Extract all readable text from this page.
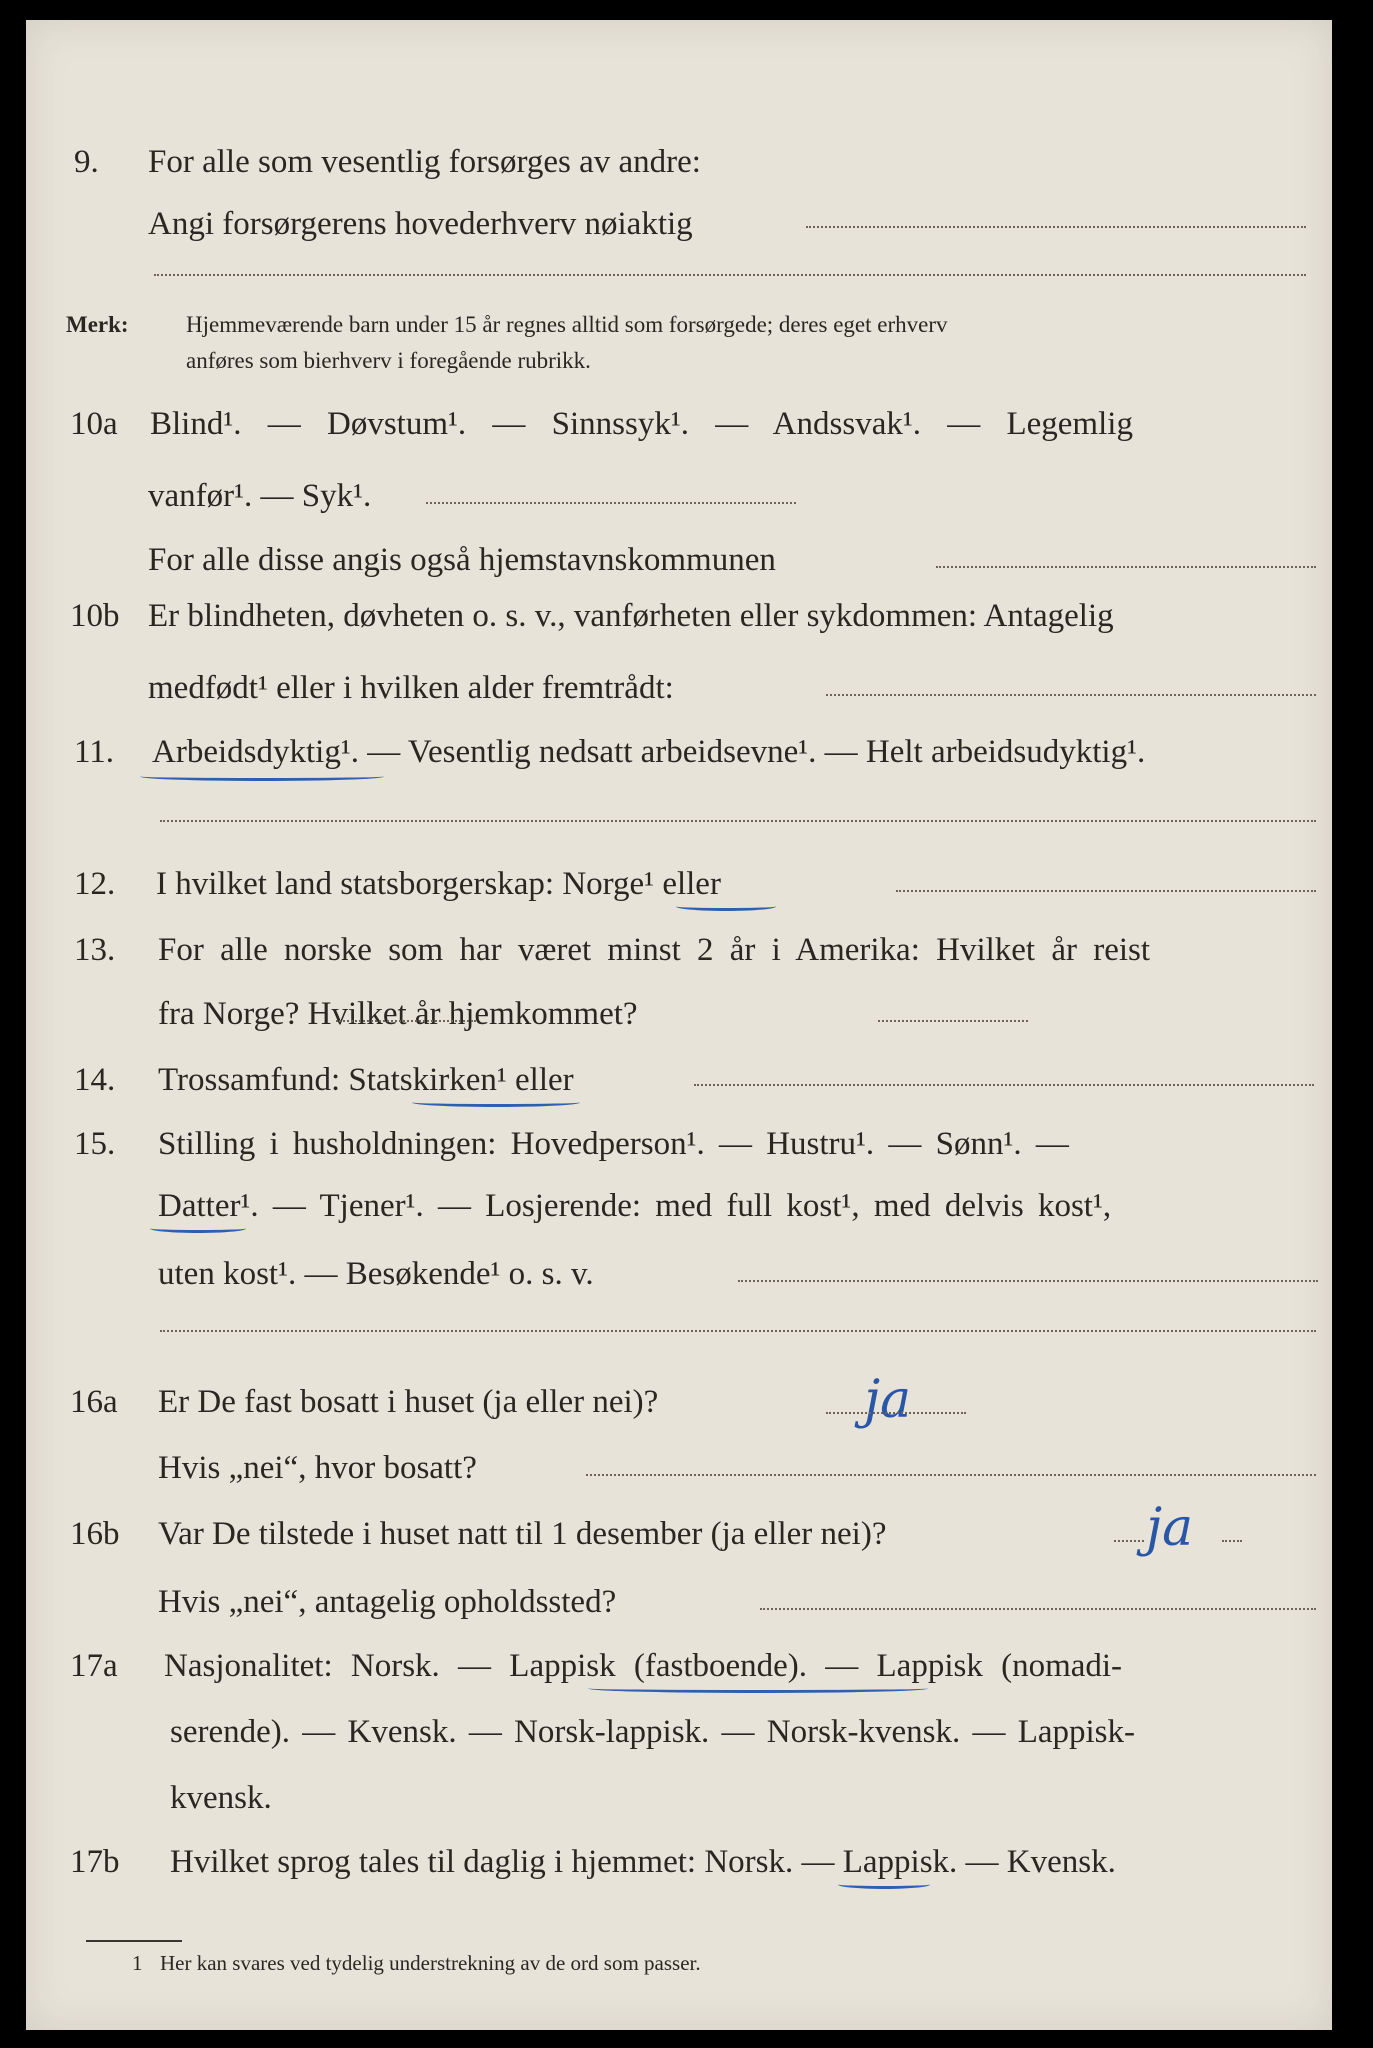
9. For alle som vesentlig forsørges av andre:
Angi forsørgerens hovederhverv nøiaktig
Merk: Hjemmeværende barn under 15 år regnes alltid som forsørgede; deres eget erhverv
anføres som bierhverv i foregående rubrikk.
10a Blind¹. — Døvstum¹. — Sinnssyk¹. — Andssvak¹. — Legemlig
vanfør¹. — Syk¹.
For alle disse angis også hjemstavnskommunen
10b Er blindheten, døvheten o. s. v., vanførheten eller sykdommen: Antagelig
medfødt¹ eller i hvilken alder fremtrådt:
11. Arbeidsdyktig¹. — Vesentlig nedsatt arbeidsevne¹. — Helt arbeidsudyktig¹.
12. I hvilket land statsborgerskap: Norge¹ eller
13. For alle norske som har været minst 2 år i Amerika: Hvilket år reist
fra Norge? Hvilket år hjemkommet?
14. Trossamfund: Statskirken¹ eller
15. Stilling i husholdningen: Hovedperson¹. — Hustru¹. — Sønn¹. —
Datter¹. — Tjener¹. — Losjerende: med full kost¹, med delvis kost¹,
uten kost¹. — Besøkende¹ o. s. v.
16a Er De fast bosatt i huset (ja eller nei)?	ja
Hvis „nei“, hvor bosatt?
16b Var De tilstede i huset natt til 1 desember (ja eller nei)?	ja
Hvis „nei“, antagelig opholdssted?
17a Nasjonalitet: Norsk. — Lappisk (fastboende). — Lappisk (nomadi-
serende). — Kvensk. — Norsk-lappisk. — Norsk-kvensk. — Lappisk-
kvensk.
17b Hvilket sprog tales til daglig i hjemmet: Norsk. — Lappisk. — Kvensk.
1 Her kan svares ved tydelig understrekning av de ord som passer.
